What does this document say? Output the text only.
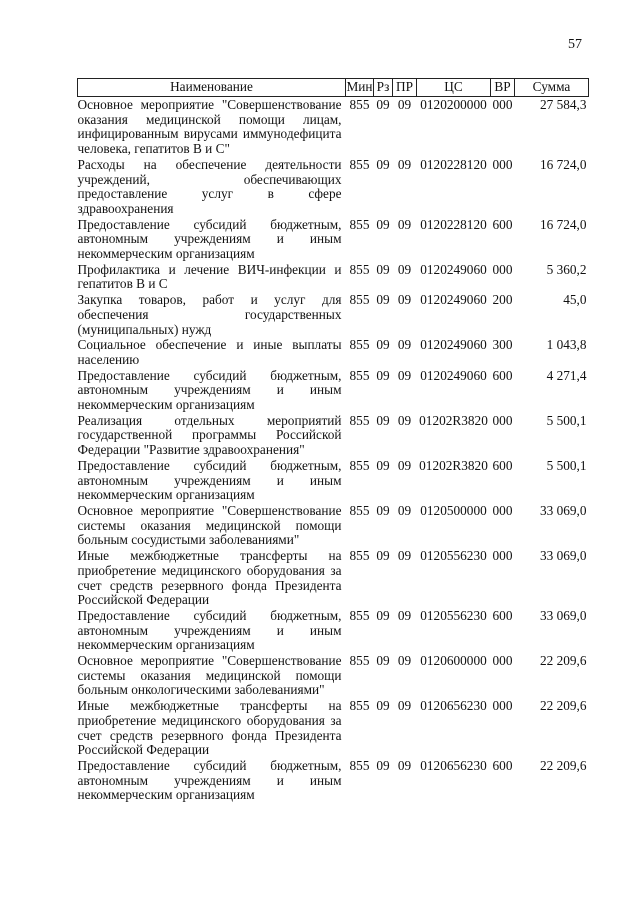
57
Наименование	Мин	Рз	ПР	ЦС	ВР	Сумма
Основное мероприятие "Совершенствование оказания медицинской помощи лицам, инфицированным вирусами иммунодефицита человека, гепатитов В и С"	855	09	09	0120200000	000	27 584,3
Расходы на обеспечение деятельности учреждений, обеспечивающих предоставление услуг в сфере здравоохранения	855	09	09	0120228120	000	16 724,0
Предоставление субсидий бюджетным, автономным учреждениям и иным некоммерческим организациям	855	09	09	0120228120	600	16 724,0
Профилактика и лечение ВИЧ-инфекции и гепатитов В и С	855	09	09	0120249060	000	5 360,2
Закупка товаров, работ и услуг для обеспечения государственных (муниципальных) нужд	855	09	09	0120249060	200	45,0
Социальное обеспечение и иные выплаты населению	855	09	09	0120249060	300	1 043,8
Предоставление субсидий бюджетным, автономным учреждениям и иным некоммерческим организациям	855	09	09	0120249060	600	4 271,4
Реализация отдельных мероприятий государственной программы Российской Федерации "Развитие здравоохранения"	855	09	09	01202R3820	000	5 500,1
Предоставление субсидий бюджетным, автономным учреждениям и иным некоммерческим организациям	855	09	09	01202R3820	600	5 500,1
Основное мероприятие "Совершенствование системы оказания медицинской помощи больным сосудистыми заболеваниями"	855	09	09	0120500000	000	33 069,0
Иные межбюджетные трансферты на приобретение медицинского оборудования за счет средств резервного фонда Президента Российской Федерации	855	09	09	0120556230	000	33 069,0
Предоставление субсидий бюджетным, автономным учреждениям и иным некоммерческим организациям	855	09	09	0120556230	600	33 069,0
Основное мероприятие "Совершенствование системы оказания медицинской помощи больным онкологическими заболеваниями"	855	09	09	0120600000	000	22 209,6
Иные межбюджетные трансферты на приобретение медицинского оборудования за счет средств резервного фонда Президента Российской Федерации	855	09	09	0120656230	000	22 209,6
Предоставление субсидий бюджетным, автономным учреждениям и иным некоммерческим организациям	855	09	09	0120656230	600	22 209,6
